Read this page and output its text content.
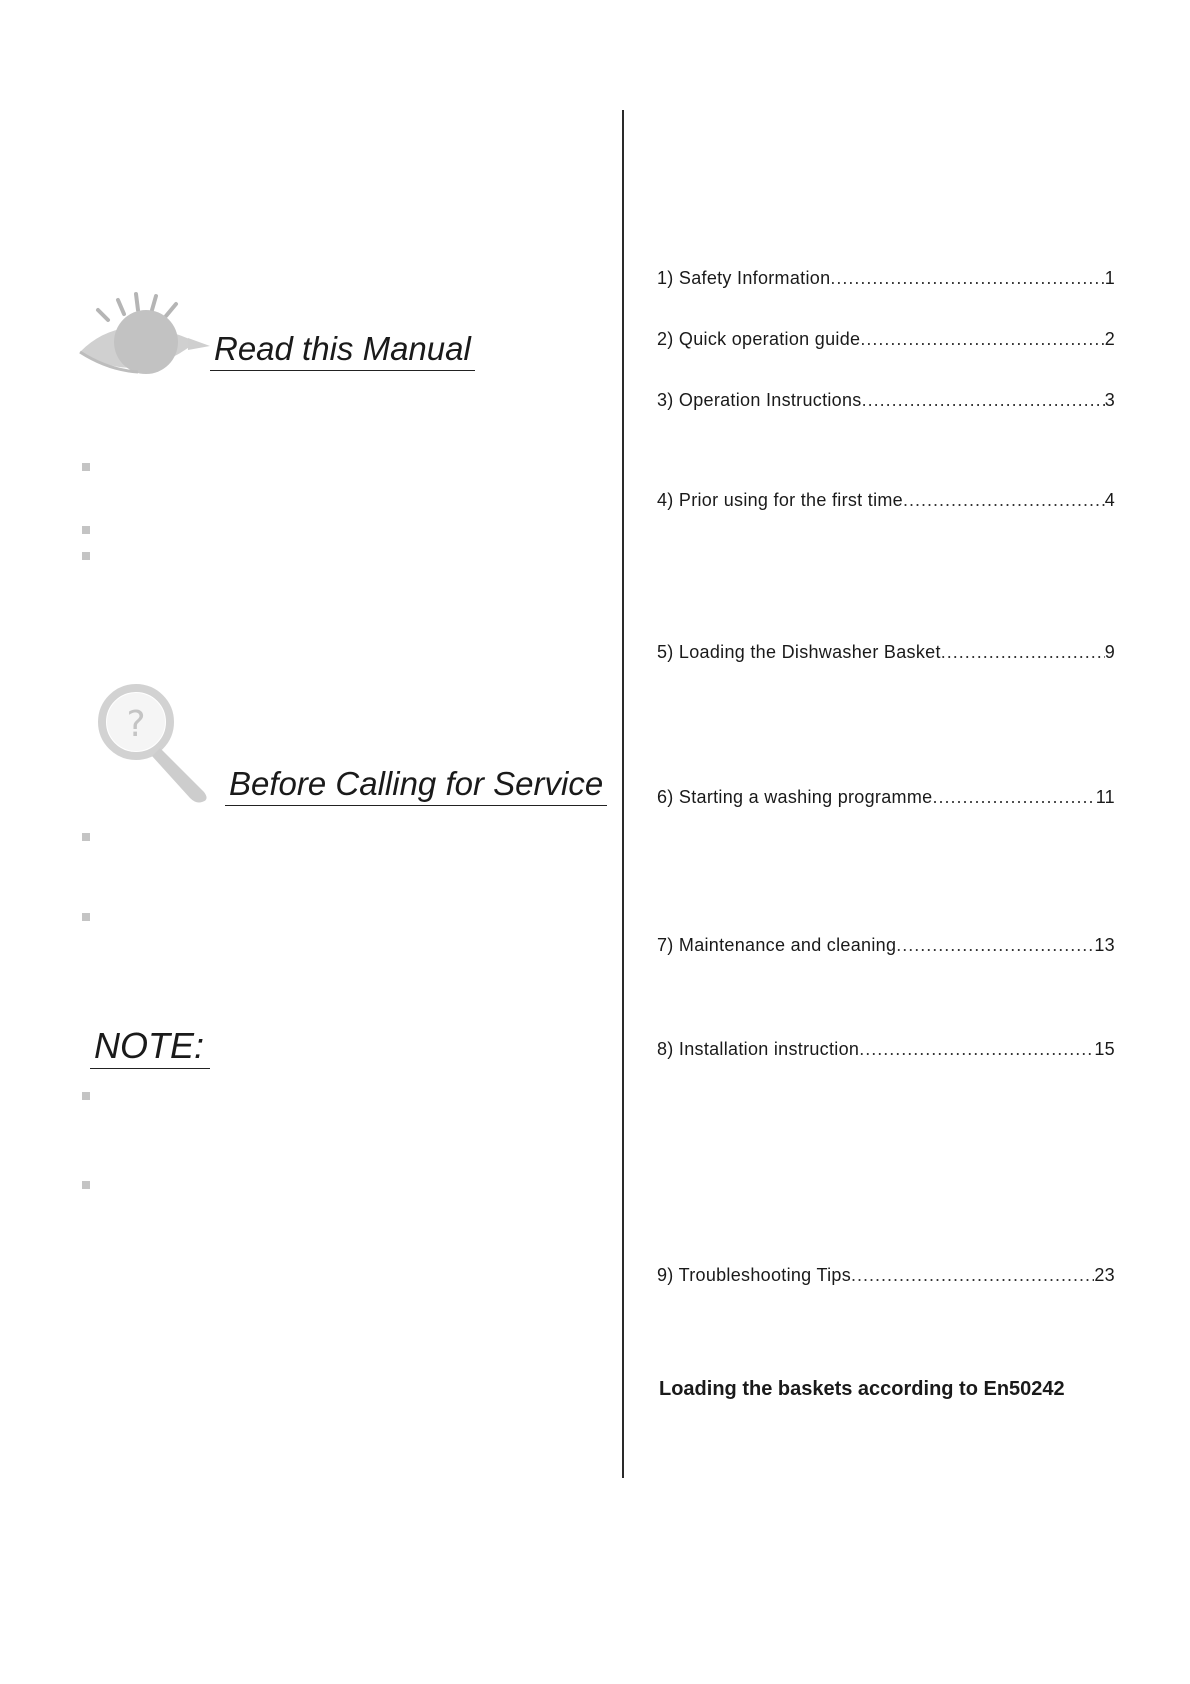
Read this Manual
?
Before Calling for Service
NOTE:
1) Safety Information .....	1
2) Quick operation guide .....	2
3) Operation Instructions .....	3
4) Prior using for the first time .....	4
5) Loading the Dishwasher Basket .....	9
6) Starting a washing programme .....	11
7) Maintenance and cleaning .....	13
8) Installation instruction .....	15
9) Troubleshooting Tips .....	23
Loading the baskets according to En50242
